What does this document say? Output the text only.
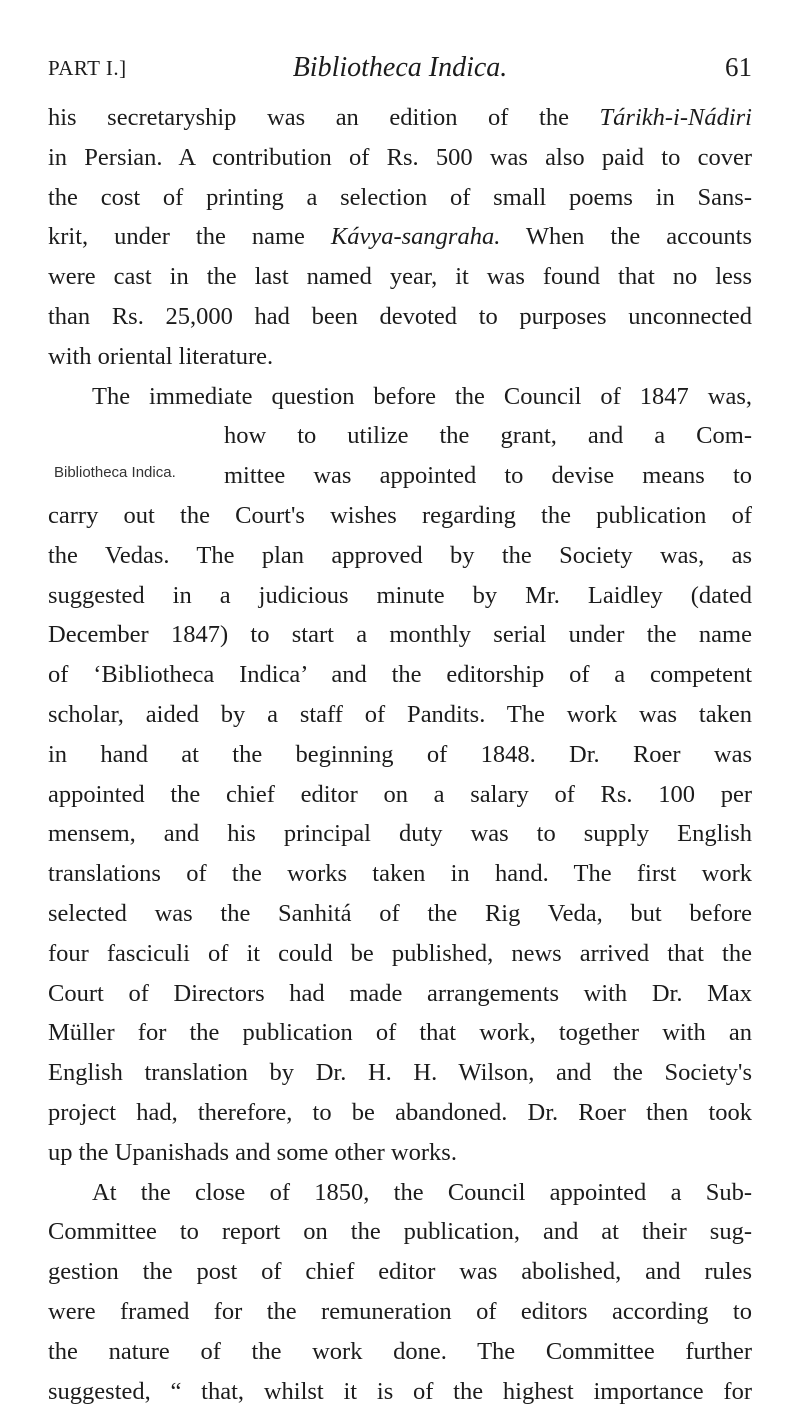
PART I.]	Bibliotheca Indica.	61
Bibliotheca Indica.
his secretaryship was an edition of the Tárikh-i-Nádiri
in Persian. A contribution of Rs. 500 was also paid to cover
the cost of printing a selection of small poems in Sans-
krit, under the name Kávya-sangraha. When the accounts
were cast in the last named year, it was found that no less
than Rs. 25,000 had been devoted to purposes unconnected
with oriental literature.
The immediate question before the Council of 1847 was,
how to utilize the grant, and a Com-
mittee was appointed to devise means to
carry out the Court's wishes regarding the publication of
the Vedas. The plan approved by the Society was, as
suggested in a judicious minute by Mr. Laidley (dated
December 1847) to start a monthly serial under the name
of ‘Bibliotheca Indica’ and the editorship of a competent
scholar, aided by a staff of Pandits. The work was taken
in hand at the beginning of 1848. Dr. Roer was
appointed the chief editor on a salary of Rs. 100 per
mensem, and his principal duty was to supply English
translations of the works taken in hand. The first work
selected was the Sanhitá of the Rig Veda, but before
four fasciculi of it could be published, news arrived that the
Court of Directors had made arrangements with Dr. Max
Müller for the publication of that work, together with an
English translation by Dr. H. H. Wilson, and the Society's
project had, therefore, to be abandoned. Dr. Roer then took
up the Upanishads and some other works.
At the close of 1850, the Council appointed a Sub-
Committee to report on the publication, and at their sug-
gestion the post of chief editor was abolished, and rules
were framed for the remuneration of editors according to
the nature of the work done. The Committee further
suggested, “ that, whilst it is of the highest importance for
